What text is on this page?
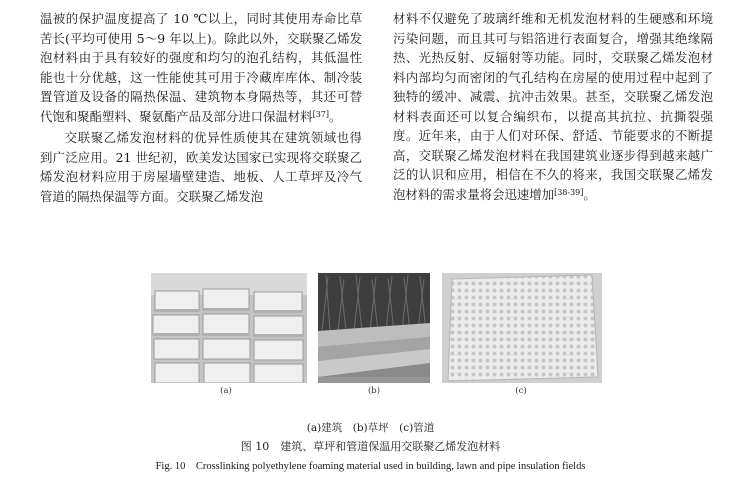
温被的保护温度提高了 10 ℃以上，同时其使用寿命比草苦长(平均可使用 5～9 年以上)。除此以外，交联聚乙烯发泡材料由于具有较好的强度和均匀的泡孔结构，其低温性能也十分优越，这一性能使其可用于冷藏库库体、制冷装置管道及设备的隔热保温、建筑物本身隔热等，其还可替代饱和聚酯塑料、聚氨酯产品及部分进口保温材料[37]。

交联聚乙烯发泡材料的优异性质使其在建筑领域也得到广泛应用。21 世纪初，欧美发达国家已实现将交联聚乙烯发泡材料应用于房屋墙壁建造、地板、人工草坪及冷气管道的隔热保温等方面。交联聚乙烯发泡

材料不仅避免了玻璃纤维和无机发泡材料的生硬感和环境污染问题，而且其可与铝箔进行表面复合，增强其绝缘隔热、光热反射、反辐射等功能。同时，交联聚乙烯发泡材料内部均匀而密闭的气孔结构在房屋的使用过程中起到了独特的缓冲、减震、抗冲击效果。甚至，交联聚乙烯发泡材料表面还可以复合编织布，以提高其抗拉、抗撕裂强度。近年来，由于人们对环保、舒适、节能要求的不断提高，交联聚乙烯发泡材料在我国建筑业逐步得到越来越广泛的认识和应用，相信在不久的将来，我国交联聚乙烯发泡材料的需求量将会迅速增加[38-39]。

(a)	(b)	(c)
(a)建筑　(b)草坪　(c)管道
图 10　建筑、草坪和管道保温用交联聚乙烯发泡材料
Fig. 10　Crosslinking polyethylene foaming material used in building, lawn and pipe insulation fields
